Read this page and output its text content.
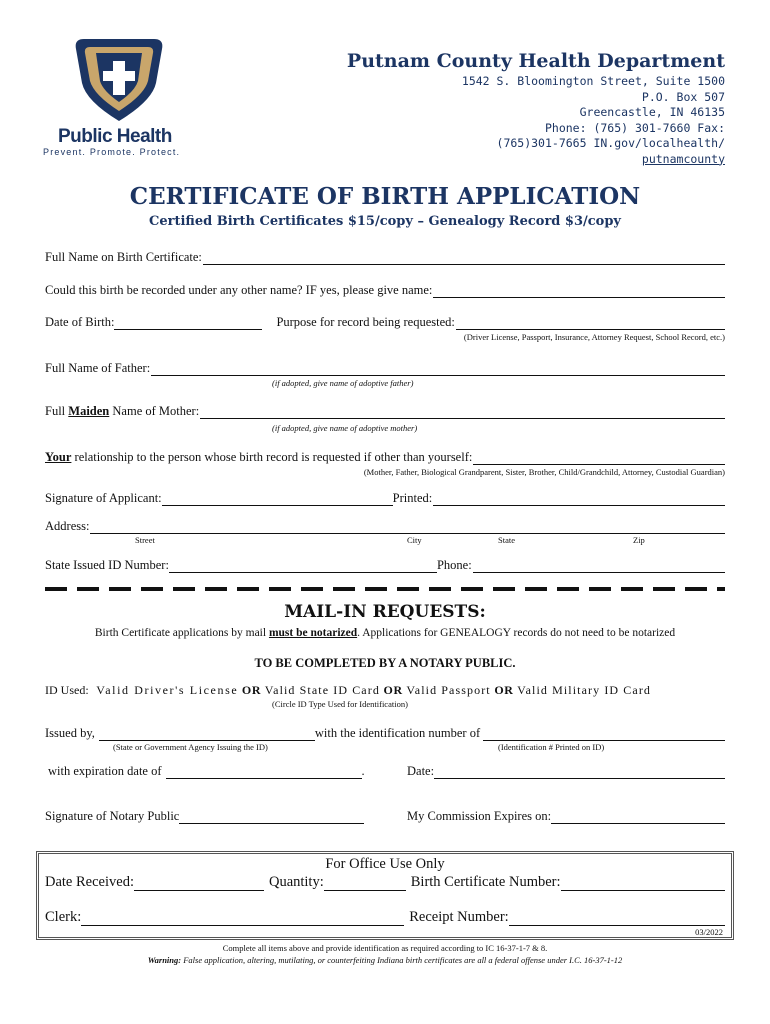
Public Health
Prevent. Promote. Protect.
Putnam County Health Department
1542 S. Bloomington Street, Suite 1500
P.O. Box 507
Greencastle, IN 46135
Phone: (765) 301-7660 Fax:
(765)301-7665 IN.gov/localhealth/
putnamcounty
CERTIFICATE OF BIRTH APPLICATION
Certified Birth Certificates $15/copy – Genealogy Record $3/copy
Full Name on Birth Certificate:
Could this birth be recorded under any other name? IF yes, please give name:
Date of Birth:	Purpose for record being requested:
(Driver License, Passport, Insurance, Attorney Request, School Record, etc.)
Full Name of Father:
(if adopted, give name of adoptive father)
Full Maiden Name of Mother:
(if adopted, give name of adoptive mother)
Your relationship to the person whose birth record is requested if other than yourself:
(Mother, Father, Biological Grandparent, Sister, Brother, Child/Grandchild, Attorney, Custodial Guardian)
Signature of Applicant:	Printed:
Address:
Street	City	State	Zip
State Issued ID Number:	Phone:
MAIL-IN REQUESTS:
Birth Certificate applications by mail must be notarized. Applications for GENEALOGY records do not need to be notarized
TO BE COMPLETED BY A NOTARY PUBLIC.
ID Used: Valid Driver's License OR Valid State ID Card OR Valid Passport OR Valid Military ID Card
(Circle ID Type Used for Identification)
Issued by,	with the identification number of
(State or Government Agency Issuing the ID)	(Identification # Printed on ID)
with expiration date of	.	Date:
Signature of Notary Public	My Commission Expires on:
For Office Use Only
Date Received:	Quantity:	Birth Certificate Number:
Clerk:	Receipt Number:
03/2022
Complete all items above and provide identification as required according to IC 16-37-1-7 & 8.
Warning: False application, altering, mutilating, or counterfeiting Indiana birth certificates are all a federal offense under I.C. 16-37-1-12
